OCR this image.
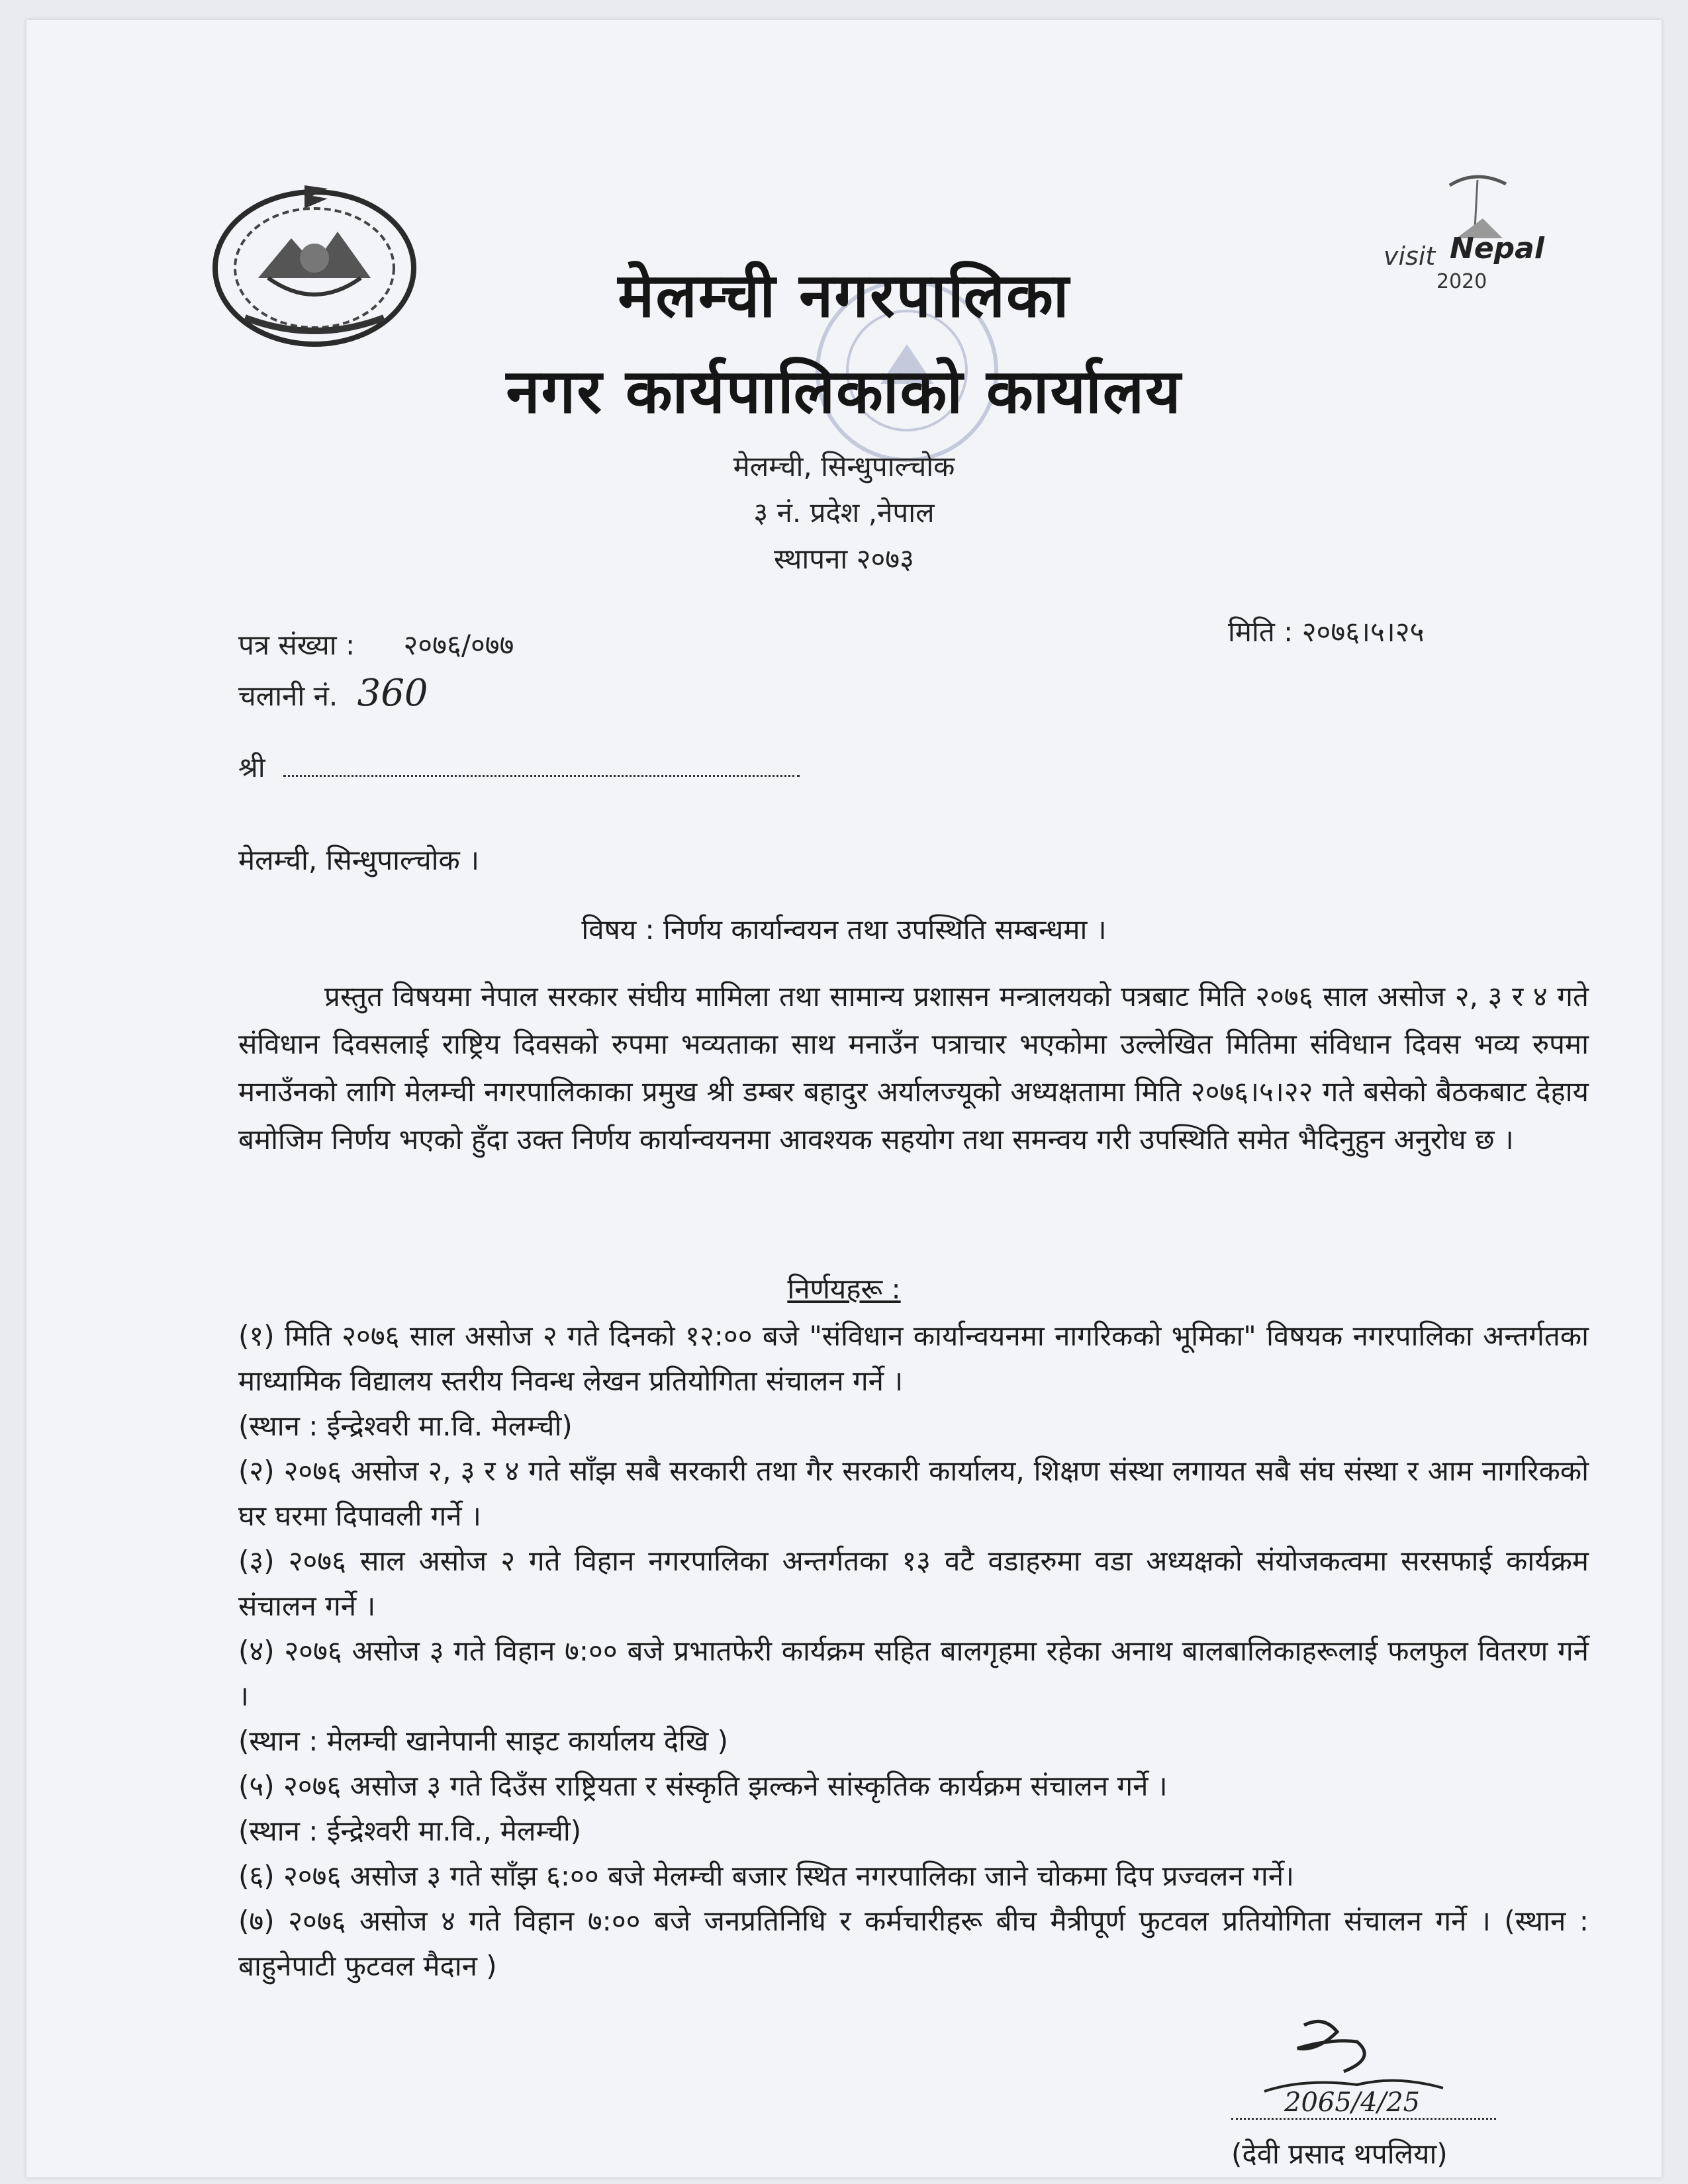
visit Nepal
2020
मेलम्ची नगरपालिका
नगर कार्यपालिकाको कार्यालय
मेलम्ची, सिन्धुपाल्चोक
३ नं. प्रदेश ,नेपाल
स्थापना २०७३
पत्र संख्या : २०७६/०७७
चलानी नं. 360
मिति : २०७६।५।२५
श्री
मेलम्ची, सिन्धुपाल्चोक ।
विषय : निर्णय कार्यान्वयन तथा उपस्थिति सम्बन्धमा ।
प्रस्तुत विषयमा नेपाल सरकार संघीय मामिला तथा सामान्य प्रशासन मन्त्रालयको पत्रबाट मिति २०७६ साल असोज २, ३ र ४ गते संविधान दिवसलाई राष्ट्रिय दिवसको रुपमा भव्यताका साथ मनाउँन पत्राचार भएकोमा उल्लेखित मितिमा संविधान दिवस भव्य रुपमा मनाउँनको लागि मेलम्ची नगरपालिकाका प्रमुख श्री डम्बर बहादुर अर्यालज्यूको अध्यक्षतामा मिति २०७६।५।२२ गते बसेको बैठकबाट देहाय बमोजिम निर्णय भएको हुँदा उक्त निर्णय कार्यान्वयनमा आवश्यक सहयोग तथा समन्वय गरी उपस्थिति समेत भैदिनुहुन अनुरोध छ ।
निर्णयहरू :
(१) मिति २०७६ साल असोज २ गते दिनको १२:०० बजे "संविधान कार्यान्वयनमा नागरिकको भूमिका" विषयक नगरपालिका अन्तर्गतका माध्यामिक विद्यालय स्तरीय निवन्ध लेखन प्रतियोगिता संचालन गर्ने ।
(स्थान : ईन्द्रेश्वरी मा.वि. मेलम्ची)
(२) २०७६ असोज २, ३ र ४ गते साँझ सबै सरकारी तथा गैर सरकारी कार्यालय, शिक्षण संस्था लगायत सबै संघ संस्था र आम नागरिकको घर घरमा दिपावली गर्ने ।
(३) २०७६ साल असोज २ गते विहान नगरपालिका अन्तर्गतका १३ वटै वडाहरुमा वडा अध्यक्षको संयोजकत्वमा सरसफाई कार्यक्रम संचालन गर्ने ।
(४) २०७६ असोज ३ गते विहान ७:०० बजे प्रभातफेरी कार्यक्रम सहित बालगृहमा रहेका अनाथ बालबालिकाहरूलाई फलफुल वितरण गर्ने ।
(स्थान : मेलम्ची खानेपानी साइट कार्यालय देखि )
(५) २०७६ असोज ३ गते दिउँस राष्ट्रियता र संस्कृति झल्कने सांस्कृतिक कार्यक्रम संचालन गर्ने ।
(स्थान : ईन्द्रेश्वरी मा.वि., मेलम्ची)
(६) २०७६ असोज ३ गते साँझ ६:०० बजे मेलम्ची बजार स्थित नगरपालिका जाने चोकमा दिप प्रज्वलन गर्ने।
(७) २०७६ असोज ४ गते विहान ७:०० बजे जनप्रतिनिधि र कर्मचारीहरू बीच मैत्रीपूर्ण फुटवल प्रतियोगिता संचालन गर्ने । (स्थान : बाहुनेपाटी फुटवल मैदान )
2065/4/25
(देवी प्रसाद थपलिया)
